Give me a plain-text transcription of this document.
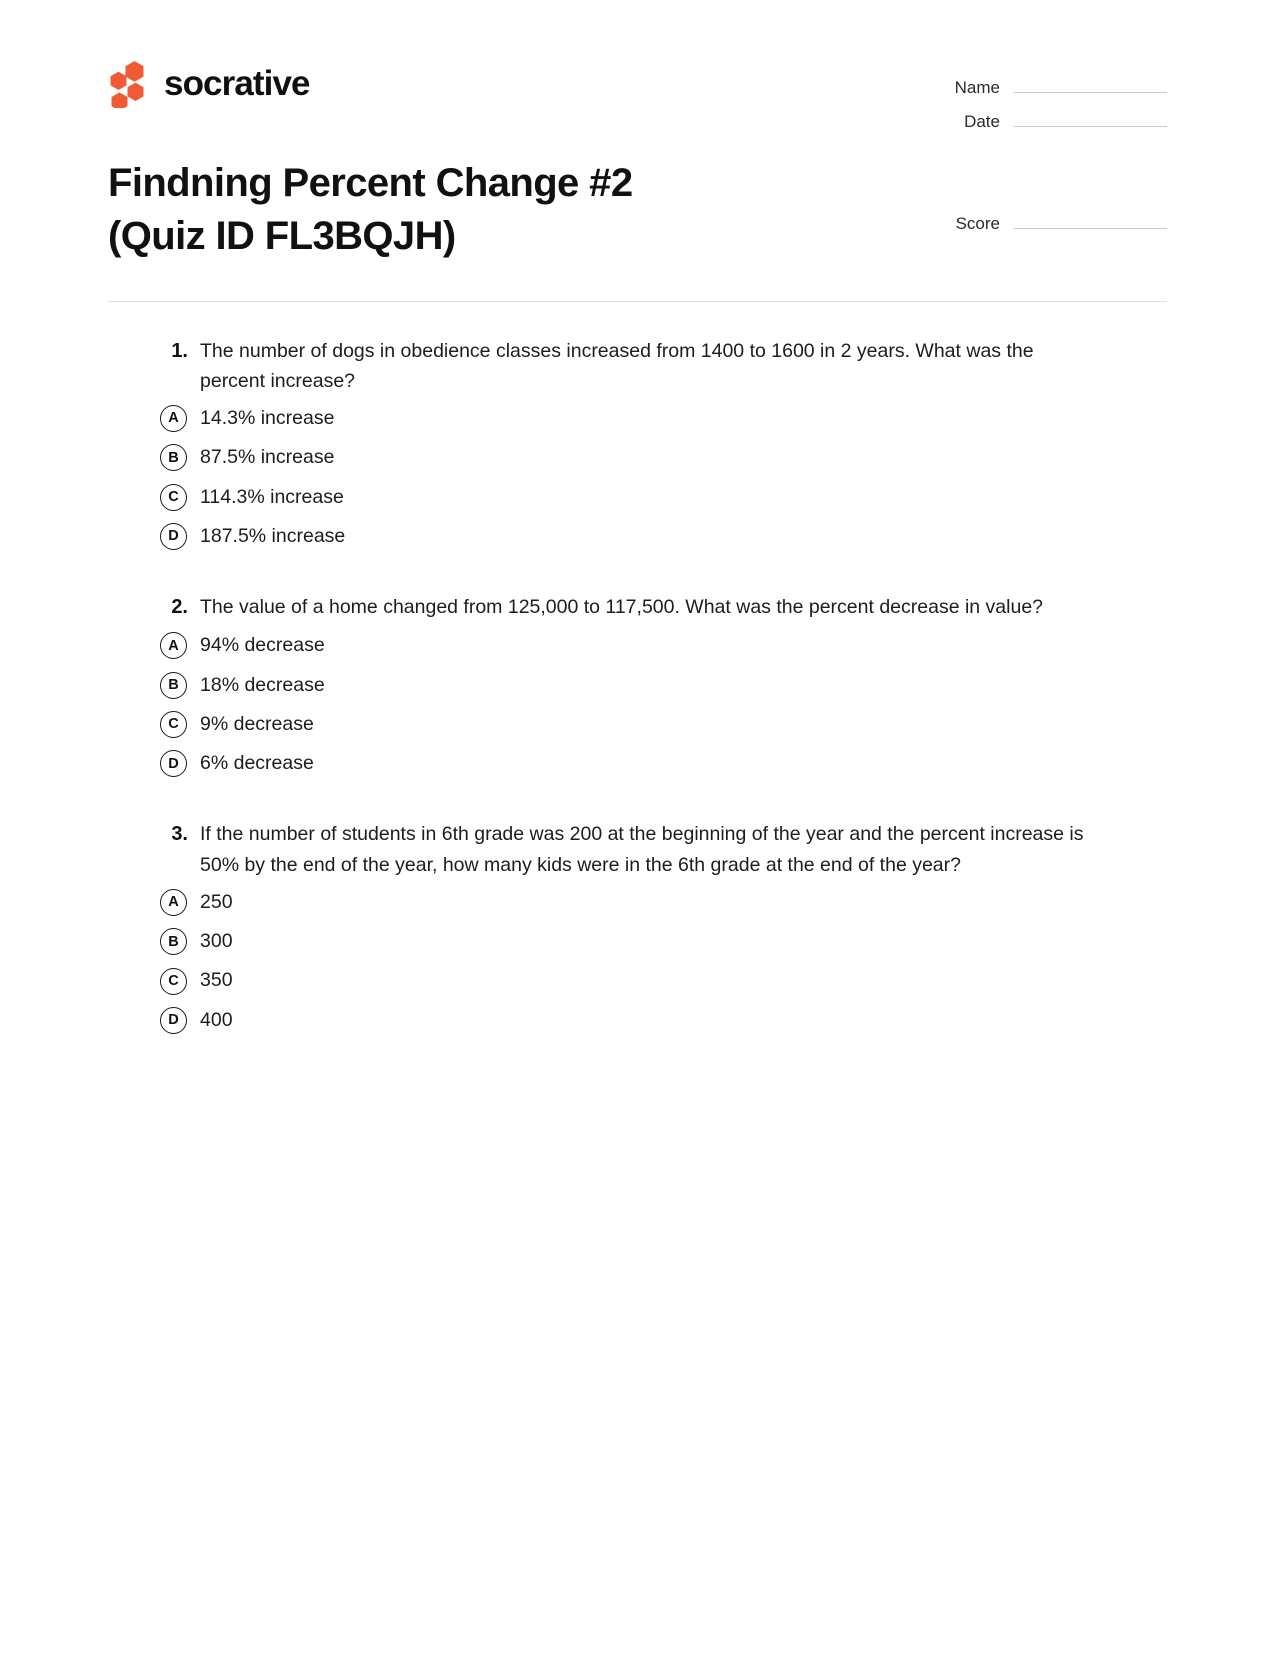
socrative
Findning Percent Change #2
(Quiz ID FL3BQJH)
Name
Date
Score
1. The number of dogs in obedience classes increased from 1400 to 1600 in 2 years. What was the percent increase?
A	14.3% increase
B	87.5% increase
C	114.3% increase
D	187.5% increase
2. The value of a home changed from 125,000 to 117,500. What was the percent decrease in value?
A	94% decrease
B	18% decrease
C	9% decrease
D	6% decrease
3. If the number of students in 6th grade was 200 at the beginning of the year and the percent increase is 50% by the end of the year, how many kids were in the 6th grade at the end of the year?
A	250
B	300
C	350
D	400
